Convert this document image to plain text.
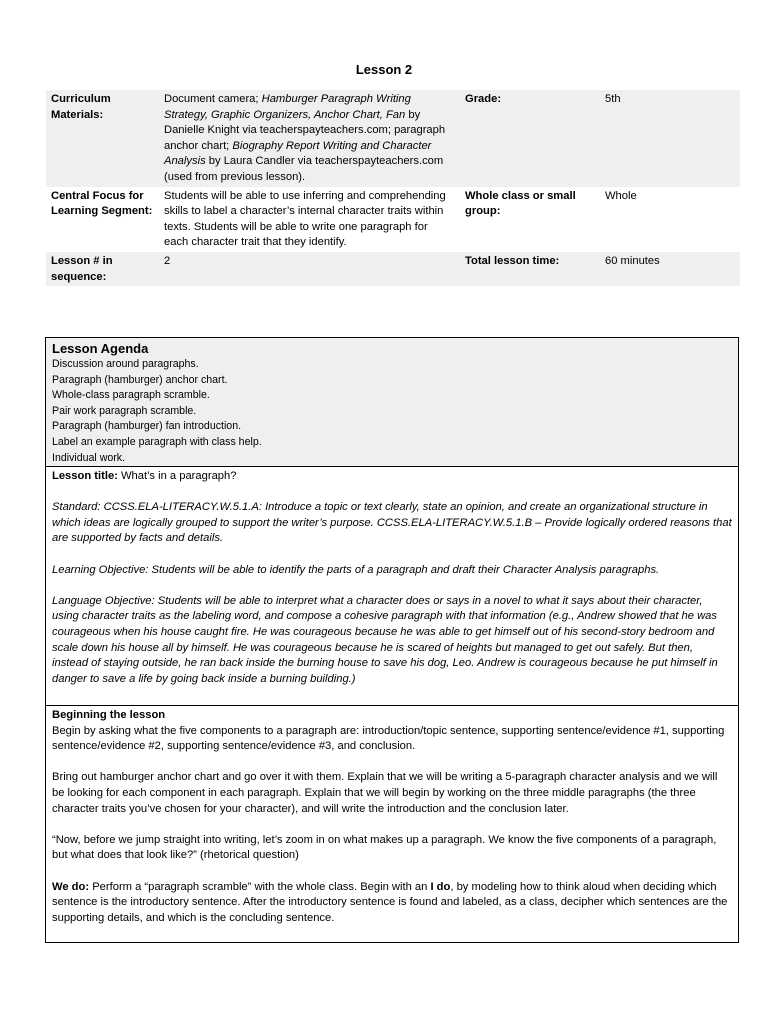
Lesson 2
Curriculum Materials:	Document camera; Hamburger Paragraph Writing Strategy, Graphic Organizers, Anchor Chart, Fan by Danielle Knight via teacherspayteachers.com; paragraph anchor chart; Biography Report Writing and Character Analysis by Laura Candler via teacherspayteachers.com (used from previous lesson).	Grade:	5th
Central Focus for Learning Segment:	Students will be able to use inferring and comprehending skills to label a character’s internal character traits within texts. Students will be able to write one paragraph for each character trait that they identify.	Whole class or small group:	Whole
Lesson # in sequence:	2	Total lesson time:	60 minutes
Lesson Agenda
Discussion around paragraphs.
Paragraph (hamburger) anchor chart.
Whole-class paragraph scramble.
Pair work paragraph scramble.
Paragraph (hamburger) fan introduction.
Label an example paragraph with class help.
Individual work.

Lesson title: What’s in a paragraph?

Standard: CCSS.ELA-LITERACY.W.5.1.A: Introduce a topic or text clearly, state an opinion, and create an organizational structure in which ideas are logically grouped to support the writer’s purpose. CCSS.ELA-LITERACY.W.5.1.B – Provide logically ordered reasons that are supported by facts and details.

Learning Objective: Students will be able to identify the parts of a paragraph and draft their Character Analysis paragraphs.

Language Objective: Students will be able to interpret what a character does or says in a novel to what it says about their character, using character traits as the labeling word, and compose a cohesive paragraph with that information (e.g., Andrew showed that he was courageous when his house caught fire. He was courageous because he was able to get himself out of his second-story bedroom and scale down his house all by himself. He was courageous because he is scared of heights but managed to get out safely. But then, instead of staying outside, he ran back inside the burning house to save his dog, Leo. Andrew is courageous because he put himself in danger to save a life by going back inside a burning building.)

Beginning the lesson

Begin by asking what the five components to a paragraph are: introduction/topic sentence, supporting sentence/evidence #1, supporting sentence/evidence #2, supporting sentence/evidence #3, and conclusion.

Bring out hamburger anchor chart and go over it with them. Explain that we will be writing a 5-paragraph character analysis and we will be looking for each component in each paragraph. Explain that we will begin by working on the three middle paragraphs (the three character traits you’ve chosen for your character), and will write the introduction and the conclusion later.

“Now, before we jump straight into writing, let’s zoom in on what makes up a paragraph. We know the five components of a paragraph, but what does that look like?” (rhetorical question)

We do: Perform a “paragraph scramble” with the whole class. Begin with an I do, by modeling how to think aloud when deciding which sentence is the introductory sentence. After the introductory sentence is found and labeled, as a class, decipher which sentences are the supporting details, and which is the concluding sentence.
